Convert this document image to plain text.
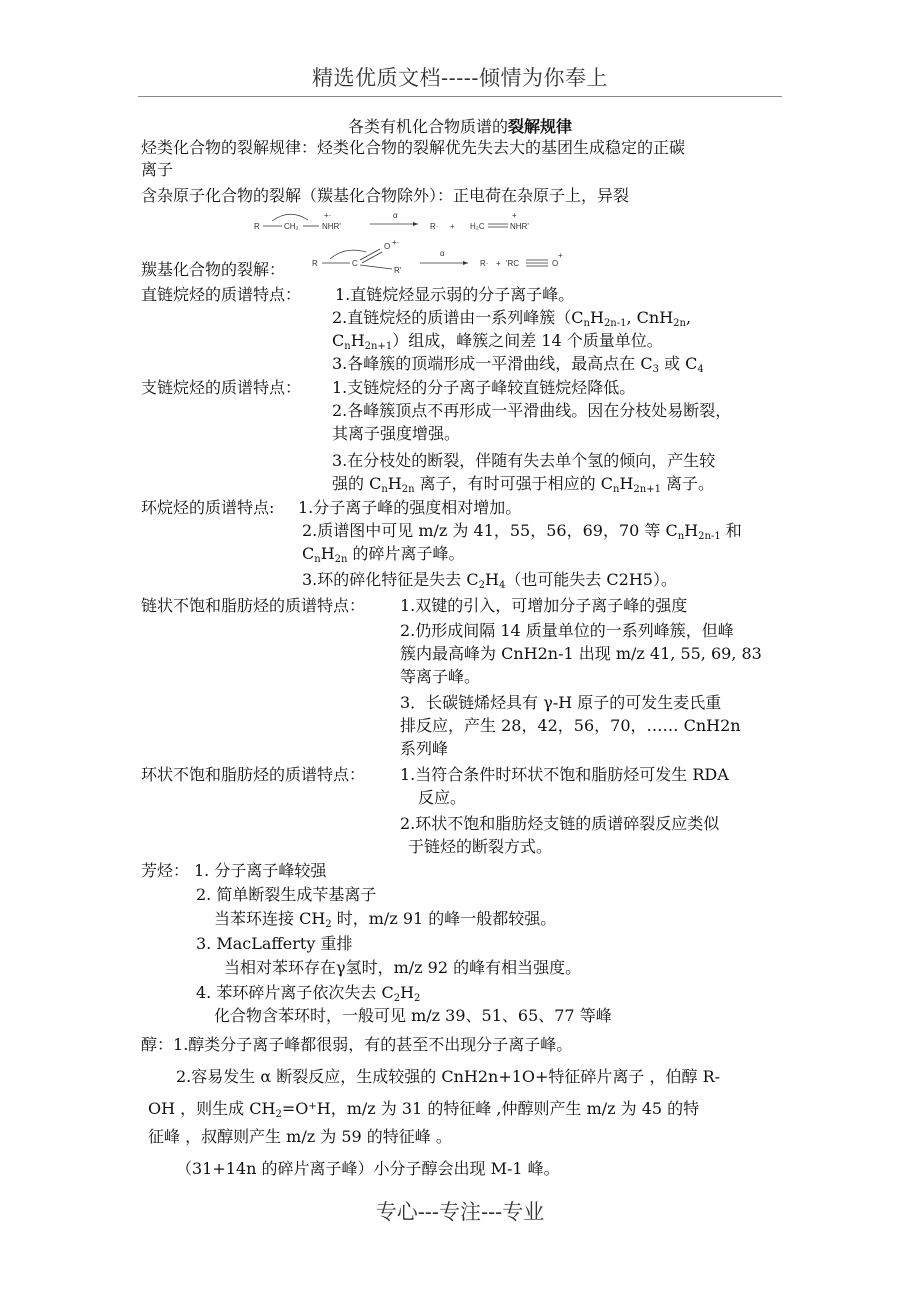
精选优质文档-----倾情为你奉上
各类有机化合物质谱的裂解规律
烃类化合物的裂解规律：烃类化合物的裂解优先失去大的基团生成稳定的正碳
离子
含杂原子化合物的裂解（羰基化合物除外）：正电荷在杂原子上，异裂
R	CH₂	NHR'
+·	α
R· + H₂C	NHR'
+
羰基化合物的裂解：	R	C
O +·
R'
α
R· + 'RC	O
+
直链烷烃的质谱特点： 1.直链烷烃显示弱的分子离子峰。
2.直链烷烃的质谱由一系列峰簇（$C_nH_{2n-1}$, CnH$_{2n}$,
$C_nH_{2n+1}$）组成，峰簇之间差 14 个质量单位。
3.各峰簇的顶端形成一平滑曲线，最高点在 $C_3$ 或 $C_4$
支链烷烃的质谱特点： 1.支链烷烃的分子离子峰较直链烷烃降低。
2.各峰簇顶点不再形成一平滑曲线。因在分枝处易断裂，
其离子强度增强。
3.在分枝处的断裂，伴随有失去单个氢的倾向，产生较
强的 $C_nH_{2n}$ 离子，有时可强于相应的 $C_nH_{2n+1}$ 离子。
环烷烃的质谱特点: 1.分子离子峰的强度相对增加。
2.质谱图中可见 m/z 为 41，55，56，69，70 等 $C_nH_{2n-1}$ 和
$C_nH_{2n}$ 的碎片离子峰。
3.环的碎化特征是失去 $C_2H_4$（也可能失去 C2H5）。
链状不饱和脂肪烃的质谱特点： 1.双键的引入，可增加分子离子峰的强度
2.仍形成间隔 14 质量单位的一系列峰簇，但峰
簇内最高峰为 CnH2n-1 出现 m/z 41, 55, 69, 83
等离子峰。
3．长碳链烯烃具有 γ-H 原子的可发生麦氏重
排反应，产生 28，42，56，70，…… CnH2n
系列峰
环状不饱和脂肪烃的质谱特点： 1.当符合条件时环状不饱和脂肪烃可发生 RDA
反应。
2.环状不饱和脂肪烃支链的质谱碎裂反应类似
于链烃的断裂方式。
芳烃： 1. 分子离子峰较强
2. 简单断裂生成苄基离子
当苯环连接 $CH_2$ 时，m/z 91 的峰一般都较强。
3. MacLafferty 重排
当相对苯环存在γ氢时，m/z 92 的峰有相当强度。
4. 苯环碎片离子依次失去 $C_2H_2$
化合物含苯环时，一般可见 m/z 39、51、65、77 等峰
醇：1.醇类分子离子峰都很弱，有的甚至不出现分子离子峰。
2.容易发生 α 断裂反应，生成较强的 CnH2n+1O+特征碎片离子 ，伯醇 R-
OH ，则生成 $CH_2=O^+H$，m/z 为 31 的特征峰 ,仲醇则产生 m/z 为 45 的特
征峰 ，叔醇则产生 m/z 为 59 的特征峰 。
（31+14n 的碎片离子峰）小分子醇会出现 M-1 峰。
专心---专注---专业
